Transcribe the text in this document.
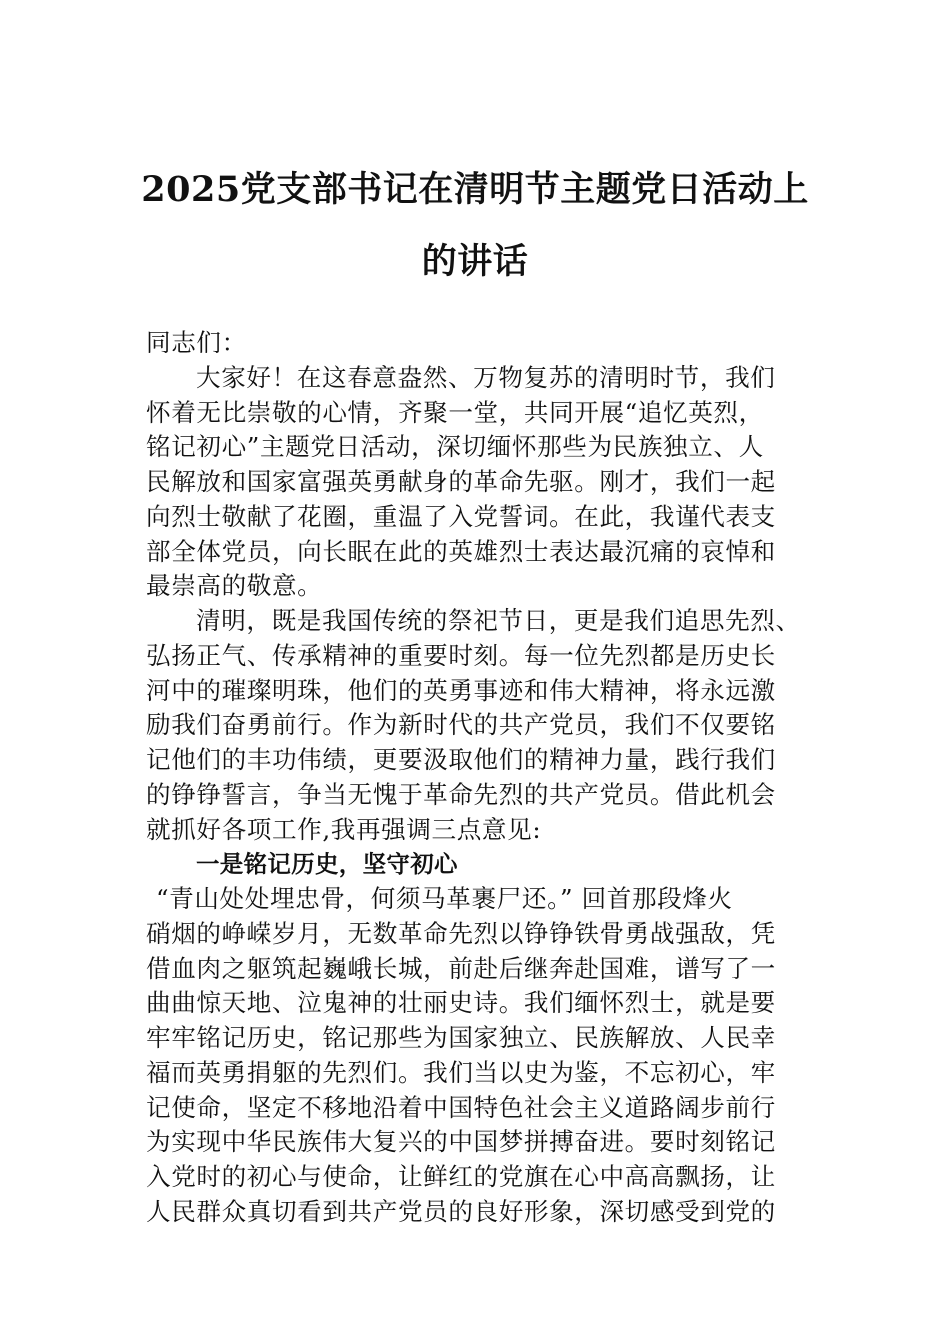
2025党支部书记在清明节主题党日活动上
的讲话
同志们：
大家好！在这春意盎然、万物复苏的清明时节，我们
怀着无比崇敬的心情，齐聚一堂，共同开展“追忆英烈，
铭记初心”主题党日活动，深切缅怀那些为民族独立、人
民解放和国家富强英勇献身的革命先驱。刚才，我们一起
向烈士敬献了花圈，重温了入党誓词。在此，我谨代表支
部全体党员，向长眠在此的英雄烈士表达最沉痛的哀悼和
最崇高的敬意。
清明，既是我国传统的祭祀节日，更是我们追思先烈、
弘扬正气、传承精神的重要时刻。每一位先烈都是历史长
河中的璀璨明珠，他们的英勇事迹和伟大精神，将永远激
励我们奋勇前行。作为新时代的共产党员，我们不仅要铭
记他们的丰功伟绩，更要汲取他们的精神力量，践行我们
的铮铮誓言，争当无愧于革命先烈的共产党员。借此机会
就抓好各项工作,我再强调三点意见:
一是铭记历史，坚守初心
“青山处处埋忠骨，何须马革裹尸还。” 回首那段烽火
硝烟的峥嵘岁月，无数革命先烈以铮铮铁骨勇战强敌，凭
借血肉之躯筑起巍峨长城，前赴后继奔赴国难，谱写了一
曲曲惊天地、泣鬼神的壮丽史诗。我们缅怀烈士，就是要
牢牢铭记历史，铭记那些为国家独立、民族解放、人民幸
福而英勇捐躯的先烈们。我们当以史为鉴，不忘初心，牢
记使命，坚定不移地沿着中国特色社会主义道路阔步前行
为实现中华民族伟大复兴的中国梦拼搏奋进。要时刻铭记
入党时的初心与使命，让鲜红的党旗在心中高高飘扬，让
人民群众真切看到共产党员的良好形象，深切感受到党的
